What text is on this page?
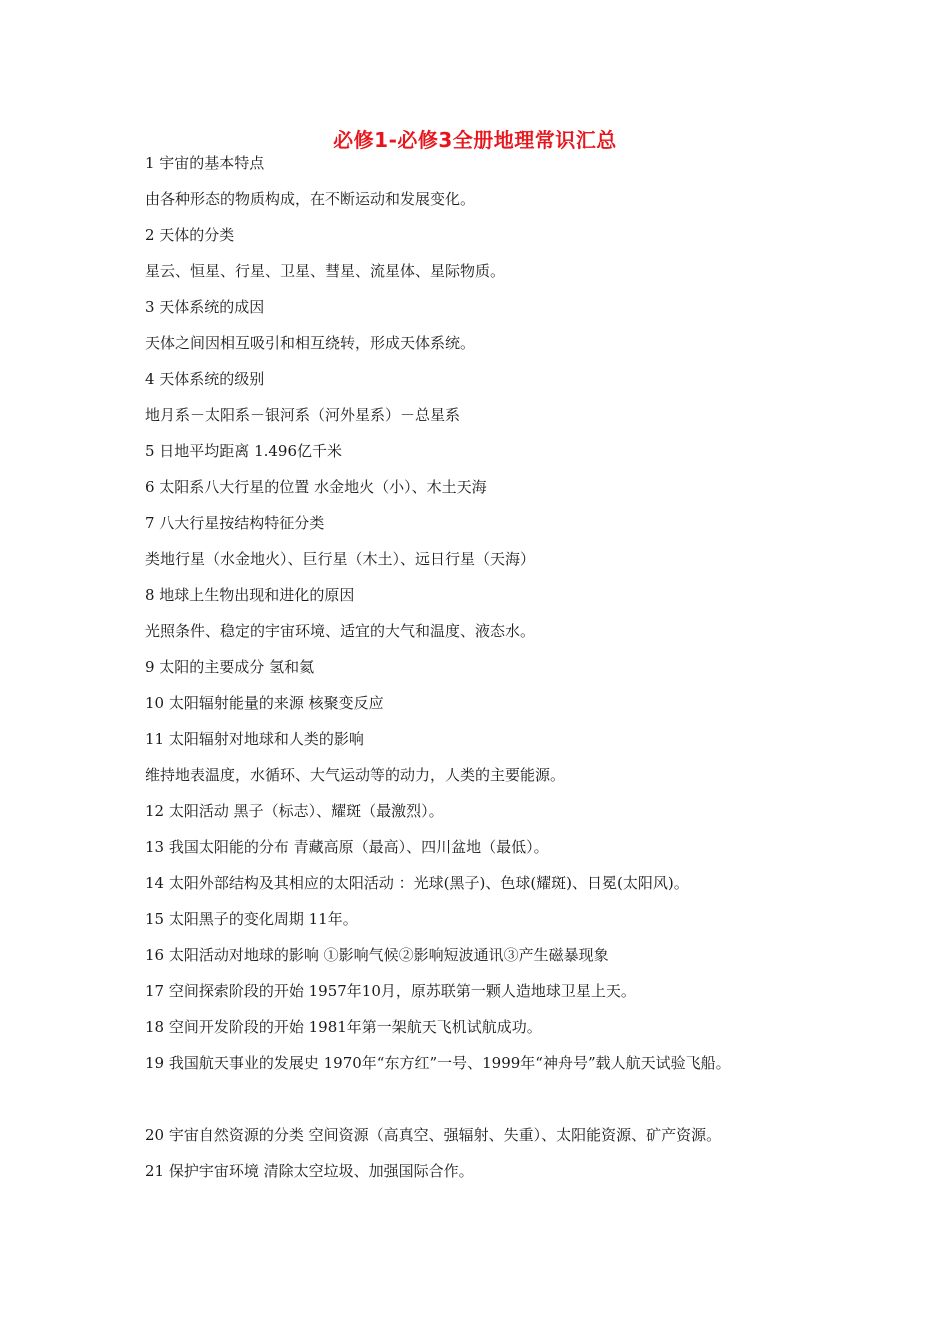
必修1-必修3全册地理常识汇总
1 宇宙的基本特点
由各种形态的物质构成，在不断运动和发展变化。
2 天体的分类
星云、恒星、行星、卫星、彗星、流星体、星际物质。
3 天体系统的成因
天体之间因相互吸引和相互绕转，形成天体系统。
4 天体系统的级别
地月系－太阳系－银河系（河外星系）－总星系
5 日地平均距离 1.496亿千米
6 太阳系八大行星的位置 水金地火（小）、木土天海
7 八大行星按结构特征分类
类地行星（水金地火）、巨行星（木土）、远日行星（天海）
8 地球上生物出现和进化的原因
光照条件、稳定的宇宙环境、适宜的大气和温度、液态水。
9 太阳的主要成分 氢和氦
10 太阳辐射能量的来源 核聚变反应
11 太阳辐射对地球和人类的影响
维持地表温度，水循环、大气运动等的动力，人类的主要能源。
12 太阳活动 黑子（标志）、耀斑（最激烈）。
13 我国太阳能的分布 青藏高原（最高）、四川盆地（最低）。
14 太阳外部结构及其相应的太阳活动 ：光球(黑子)、色球(耀斑)、日冕(太阳风)。
15 太阳黑子的变化周期 11年。
16 太阳活动对地球的影响 ①影响气候②影响短波通讯③产生磁暴现象
17 空间探索阶段的开始 1957年10月，原苏联第一颗人造地球卫星上天。
18 空间开发阶段的开始 1981年第一架航天飞机试航成功。
19 我国航天事业的发展史 1970年“东方红”一号、1999年“神舟号”载人航天试验飞船。
20 宇宙自然资源的分类 空间资源（高真空、强辐射、失重）、太阳能资源、矿产资源。
21 保护宇宙环境 清除太空垃圾、加强国际合作。
